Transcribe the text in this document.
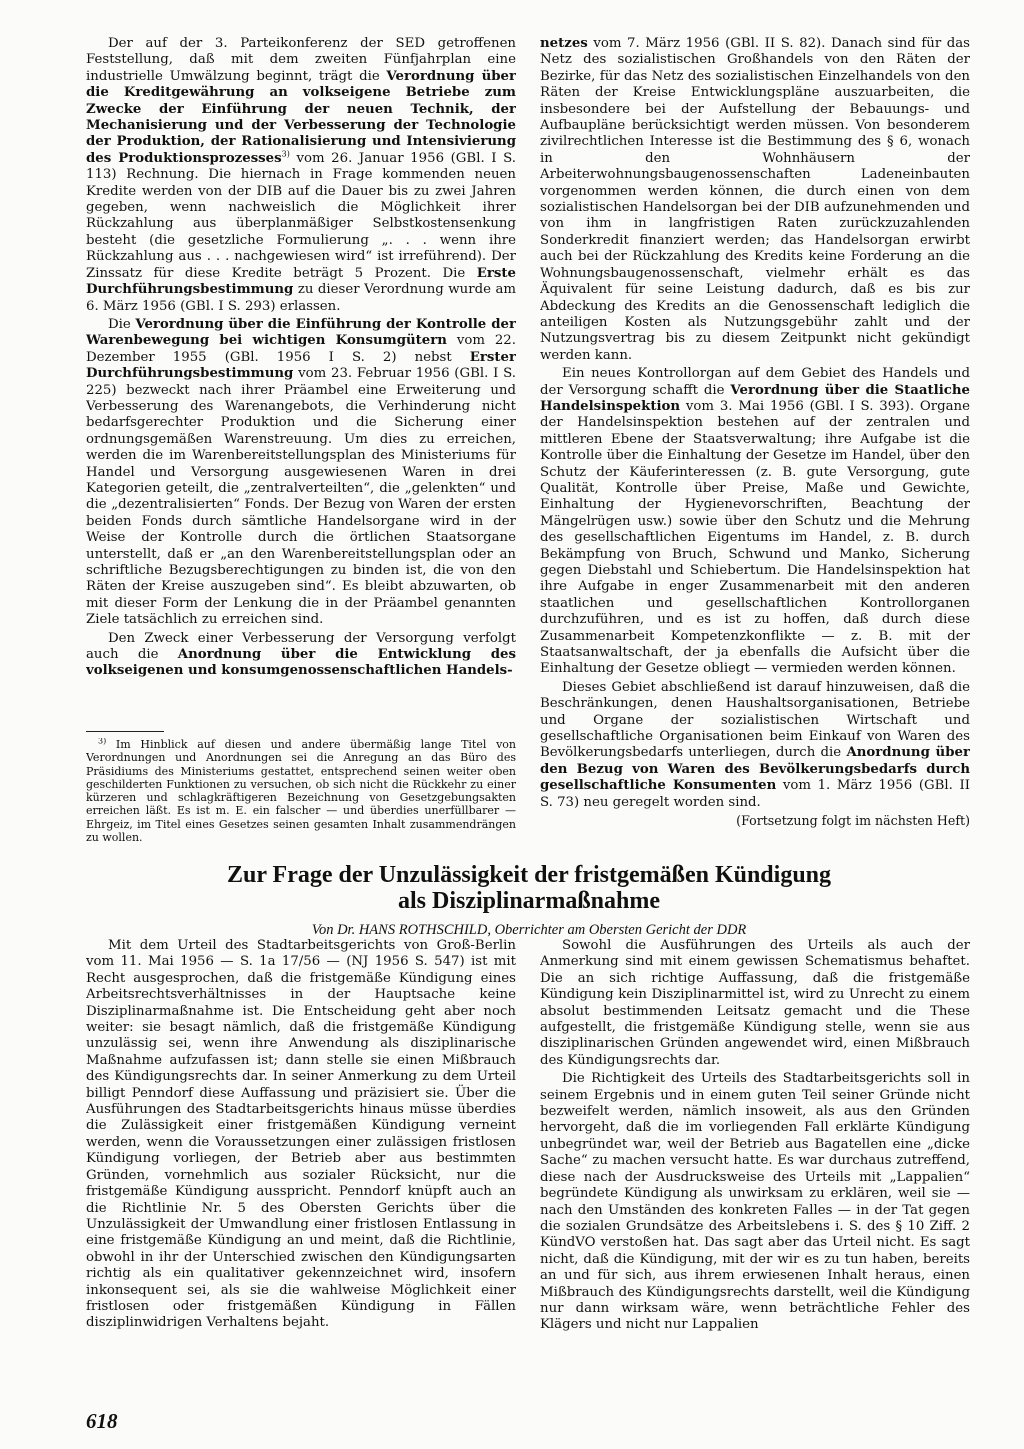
Der auf der 3. Parteikonferenz der SED getroffenen Feststellung, daß mit dem zweiten Fünfjahrplan eine industrielle Umwälzung beginnt, trägt die Verordnung über die Kreditgewährung an volkseigene Betriebe zum Zwecke der Einführung der neuen Technik, der Mechanisierung und der Verbesserung der Technologie der Produktion, der Rationalisierung und Intensivierung des Produktionsprozesses$^{3)}$ vom 26. Januar 1956 (GBl. I S. 113) Rechnung. Die hiernach in Frage kommenden neuen Kredite werden von der DIB auf die Dauer bis zu zwei Jahren gegeben, wenn nachweislich die Möglichkeit ihrer Rückzahlung aus überplanmäßiger Selbstkostensenkung besteht (die gesetzliche Formulierung „. . . wenn ihre Rückzahlung aus . . . nachgewiesen wird“ ist irreführend). Der Zinssatz für diese Kredite beträgt 5 Prozent. Die Erste Durchführungsbestimmung zu dieser Verordnung wurde am 6. März 1956 (GBl. I S. 293) erlassen.

Die Verordnung über die Einführung der Kontrolle der Warenbewegung bei wichtigen Konsumgütern vom 22. Dezember 1955 (GBl. 1956 I S. 2) nebst Erster Durchführungsbestimmung vom 23. Februar 1956 (GBl. I S. 225) bezweckt nach ihrer Präambel eine Erweiterung und Verbesserung des Warenangebots, die Verhinderung nicht bedarfsgerechter Produktion und die Sicherung einer ordnungsgemäßen Warenstreuung. Um dies zu erreichen, werden die im Warenbereitstellungsplan des Ministeriums für Handel und Versorgung ausgewiesenen Waren in drei Kategorien geteilt, die „zentralverteilten“, die „gelenkten“ und die „dezentralisierten“ Fonds. Der Bezug von Waren der ersten beiden Fonds durch sämtliche Handelsorgane wird in der Weise der Kontrolle durch die örtlichen Staatsorgane unterstellt, daß er „an den Warenbereitstellungsplan oder an schriftliche Bezugsberechtigungen zu binden ist, die von den Räten der Kreise auszugeben sind“. Es bleibt abzuwarten, ob mit dieser Form der Lenkung die in der Präambel genannten Ziele tatsächlich zu erreichen sind.

Den Zweck einer Verbesserung der Versorgung verfolgt auch die Anordnung über die Entwicklung des volkseigenen und konsumgenossenschaftlichen Handels-

$^{3)}$ Im Hinblick auf diesen und andere übermäßig lange Titel von Verordnungen und Anordnungen sei die Anregung an das Büro des Präsidiums des Ministeriums gestattet, entsprechend seinen weiter oben geschilderten Funktionen zu versuchen, ob sich nicht die Rückkehr zu einer kürzeren und schlagkräftigeren Bezeichnung von Gesetzgebungsakten erreichen läßt. Es ist m. E. ein falscher — und überdies unerfüllbarer — Ehrgeiz, im Titel eines Gesetzes seinen gesamten Inhalt zusammendrängen zu wollen.

netzes vom 7. März 1956 (GBl. II S. 82). Danach sind für das Netz des sozialistischen Großhandels von den Räten der Bezirke, für das Netz des sozialistischen Einzelhandels von den Räten der Kreise Entwicklungspläne auszuarbeiten, die insbesondere bei der Aufstellung der Bebauungs- und Aufbaupläne berücksichtigt werden müssen. Von besonderem zivilrechtlichen Interesse ist die Bestimmung des § 6, wonach in den Wohnhäusern der Arbeiterwohnungsbaugenossenschaften Ladeneinbauten vorgenommen werden können, die durch einen von dem sozialistischen Handelsorgan bei der DIB aufzunehmenden und von ihm in langfristigen Raten zurückzuzahlenden Sonderkredit finanziert werden; das Handelsorgan erwirbt auch bei der Rückzahlung des Kredits keine Forderung an die Wohnungsbaugenossenschaft, vielmehr erhält es das Äquivalent für seine Leistung dadurch, daß es bis zur Abdeckung des Kredits an die Genossenschaft lediglich die anteiligen Kosten als Nutzungsgebühr zahlt und der Nutzungsvertrag bis zu diesem Zeitpunkt nicht gekündigt werden kann.

Ein neues Kontrollorgan auf dem Gebiet des Handels und der Versorgung schafft die Verordnung über die Staatliche Handelsinspektion vom 3. Mai 1956 (GBl. I S. 393). Organe der Handelsinspektion bestehen auf der zentralen und mittleren Ebene der Staatsverwaltung; ihre Aufgabe ist die Kontrolle über die Einhaltung der Gesetze im Handel, über den Schutz der Käuferinteressen (z. B. gute Versorgung, gute Qualität, Kontrolle über Preise, Maße und Gewichte, Einhaltung der Hygienevorschriften, Beachtung der Mängelrügen usw.) sowie über den Schutz und die Mehrung des gesellschaftlichen Eigentums im Handel, z. B. durch Bekämpfung von Bruch, Schwund und Manko, Sicherung gegen Diebstahl und Schiebertum. Die Handelsinspektion hat ihre Aufgabe in enger Zusammenarbeit mit den anderen staatlichen und gesellschaftlichen Kontrollorganen durchzuführen, und es ist zu hoffen, daß durch diese Zusammenarbeit Kompetenzkonflikte — z. B. mit der Staatsanwaltschaft, der ja ebenfalls die Aufsicht über die Einhaltung der Gesetze obliegt — vermieden werden können.

Dieses Gebiet abschließend ist darauf hinzuweisen, daß die Beschränkungen, denen Haushaltsorganisationen, Betriebe und Organe der sozialistischen Wirtschaft und gesellschaftliche Organisationen beim Einkauf von Waren des Bevölkerungsbedarfs unterliegen, durch die Anordnung über den Bezug von Waren des Bevölkerungsbedarfs durch gesellschaftliche Konsumenten vom 1. März 1956 (GBl. II S. 73) neu geregelt worden sind.

(Fortsetzung folgt im nächsten Heft)

Zur Frage der Unzulässigkeit der fristgemäßen Kündigung
als Disziplinarmaßnahme

Von Dr. HANS ROTHSCHILD, Oberrichter am Obersten Gericht der DDR

Mit dem Urteil des Stadtarbeitsgerichts von Groß-Berlin vom 11. Mai 1956 — S. 1a 17/56 — (NJ 1956 S. 547) ist mit Recht ausgesprochen, daß die fristgemäße Kündigung eines Arbeitsrechtsverhältnisses in der Hauptsache keine Disziplinarmaßnahme ist. Die Entscheidung geht aber noch weiter: sie besagt nämlich, daß die fristgemäße Kündigung unzulässig sei, wenn ihre Anwendung als disziplinarische Maßnahme aufzufassen ist; dann stelle sie einen Mißbrauch des Kündigungsrechts dar. In seiner Anmerkung zu dem Urteil billigt Penndorf diese Auffassung und präzisiert sie. Über die Ausführungen des Stadtarbeitsgerichts hinaus müsse überdies die Zulässigkeit einer fristgemäßen Kündigung verneint werden, wenn die Voraussetzungen einer zulässigen fristlosen Kündigung vorliegen, der Betrieb aber aus bestimmten Gründen, vornehmlich aus sozialer Rücksicht, nur die fristgemäße Kündigung ausspricht. Penndorf knüpft auch an die Richtlinie Nr. 5 des Obersten Gerichts über die Unzulässigkeit der Umwandlung einer fristlosen Entlassung in eine fristgemäße Kündigung an und meint, daß die Richtlinie, obwohl in ihr der Unterschied zwischen den Kündigungsarten richtig als ein qualitativer gekennzeichnet wird, insofern inkonsequent sei, als sie die wahlweise Möglichkeit einer fristlosen oder fristgemäßen Kündigung in Fällen disziplinwidrigen Verhaltens bejaht.

Sowohl die Ausführungen des Urteils als auch der Anmerkung sind mit einem gewissen Schematismus behaftet. Die an sich richtige Auffassung, daß die fristgemäße Kündigung kein Disziplinarmittel ist, wird zu Unrecht zu einem absolut bestimmenden Leitsatz gemacht und die These aufgestellt, die fristgemäße Kündigung stelle, wenn sie aus disziplinarischen Gründen angewendet wird, einen Mißbrauch des Kündigungsrechts dar.

Die Richtigkeit des Urteils des Stadtarbeitsgerichts soll in seinem Ergebnis und in einem guten Teil seiner Gründe nicht bezweifelt werden, nämlich insoweit, als aus den Gründen hervorgeht, daß die im vorliegenden Fall erklärte Kündigung unbegründet war, weil der Betrieb aus Bagatellen eine „dicke Sache“ zu machen versucht hatte. Es war durchaus zutreffend, diese nach der Ausdrucksweise des Urteils mit „Lappalien“ begründete Kündigung als unwirksam zu erklären, weil sie — nach den Umständen des konkreten Falles — in der Tat gegen die sozialen Grundsätze des Arbeitslebens i. S. des § 10 Ziff. 2 KündVO verstoßen hat. Das sagt aber das Urteil nicht. Es sagt nicht, daß die Kündigung, mit der wir es zu tun haben, bereits an und für sich, aus ihrem erwiesenen Inhalt heraus, einen Mißbrauch des Kündigungsrechts darstellt, weil die Kündigung nur dann wirksam wäre, wenn beträchtliche Fehler des Klägers und nicht nur Lappalien

618
